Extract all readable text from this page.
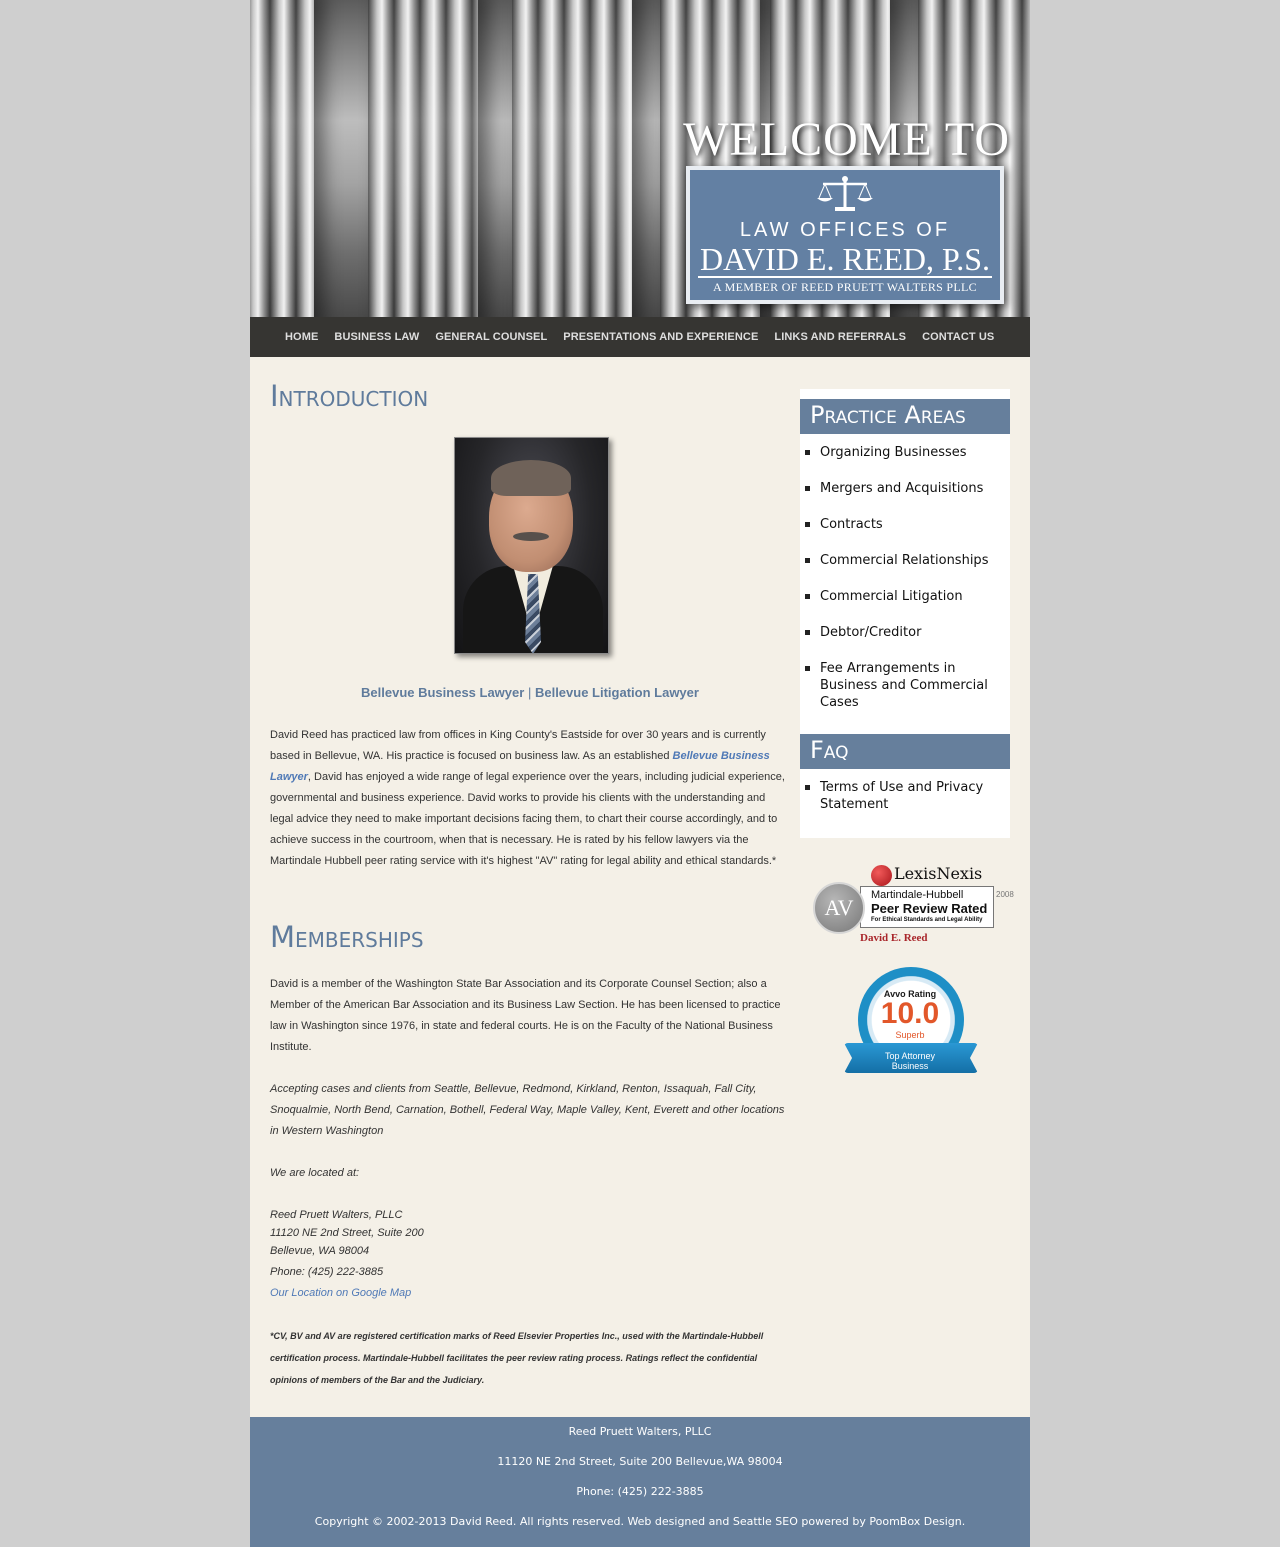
WELCOME TO
LAW OFFICES OF
DAVID E. REED, P.S.
A MEMBER OF REED PRUETT WALTERS PLLC
HOME	BUSINESS LAW	GENERAL COUNSEL	PRESENTATIONS AND EXPERIENCE	LINKS AND REFERRALS	CONTACT US
Introduction
Bellevue Business Lawyer | Bellevue Litigation Lawyer

David Reed has practiced law from offices in King County's Eastside for over 30 years and is currently based in Bellevue, WA. His practice is focused on business law. As an established Bellevue Business Lawyer, David has enjoyed a wide range of legal experience over the years, including judicial experience, governmental and business experience. David works to provide his clients with the understanding and legal advice they need to make important decisions facing them, to chart their course accordingly, and to achieve success in the courtroom, when that is necessary. He is rated by his fellow lawyers via the Martindale Hubbell peer rating service with it's highest "AV" rating for legal ability and ethical standards.*

Memberships

David is a member of the Washington State Bar Association and its Corporate Counsel Section; also a Member of the American Bar Association and its Business Law Section. He has been licensed to practice law in Washington since 1976, in state and federal courts. He is on the Faculty of the National Business Institute.

Accepting cases and clients from Seattle, Bellevue, Redmond, Kirkland, Renton, Issaquah, Fall City, Snoqualmie, North Bend, Carnation, Bothell, Federal Way, Maple Valley, Kent, Everett and other locations in Western Washington

We are located at:

Reed Pruett Walters, PLLC
11120 NE 2nd Street, Suite 200
Bellevue, WA 98004
Phone: (425) 222-3885
Our Location on Google Map

*CV, BV and AV are registered certification marks of Reed Elsevier Properties Inc., used with the Martindale-Hubbell certification process. Martindale-Hubbell facilitates the peer review rating process. Ratings reflect the confidential opinions of members of the Bar and the Judiciary.

Practice Areas
Organizing Businesses
Mergers and Acquisitions
Contracts
Commercial Relationships
Commercial Litigation
Debtor/Creditor
Fee Arrangements in Business and Commercial Cases
Faq
Terms of Use and Privacy Statement
LexisNexis
Martindale-Hubbell
Peer Review Rated
For Ethical Standards and Legal Ability
AV
2008
David E. Reed
Avvo Rating
10.0
Superb
Top Attorney
Business

Reed Pruett Walters, PLLC

11120 NE 2nd Street, Suite 200 Bellevue,WA 98004

Phone: (425) 222-3885

Copyright © 2002-2013 David Reed. All rights reserved. Web designed and Seattle SEO powered by PoomBox Design.
